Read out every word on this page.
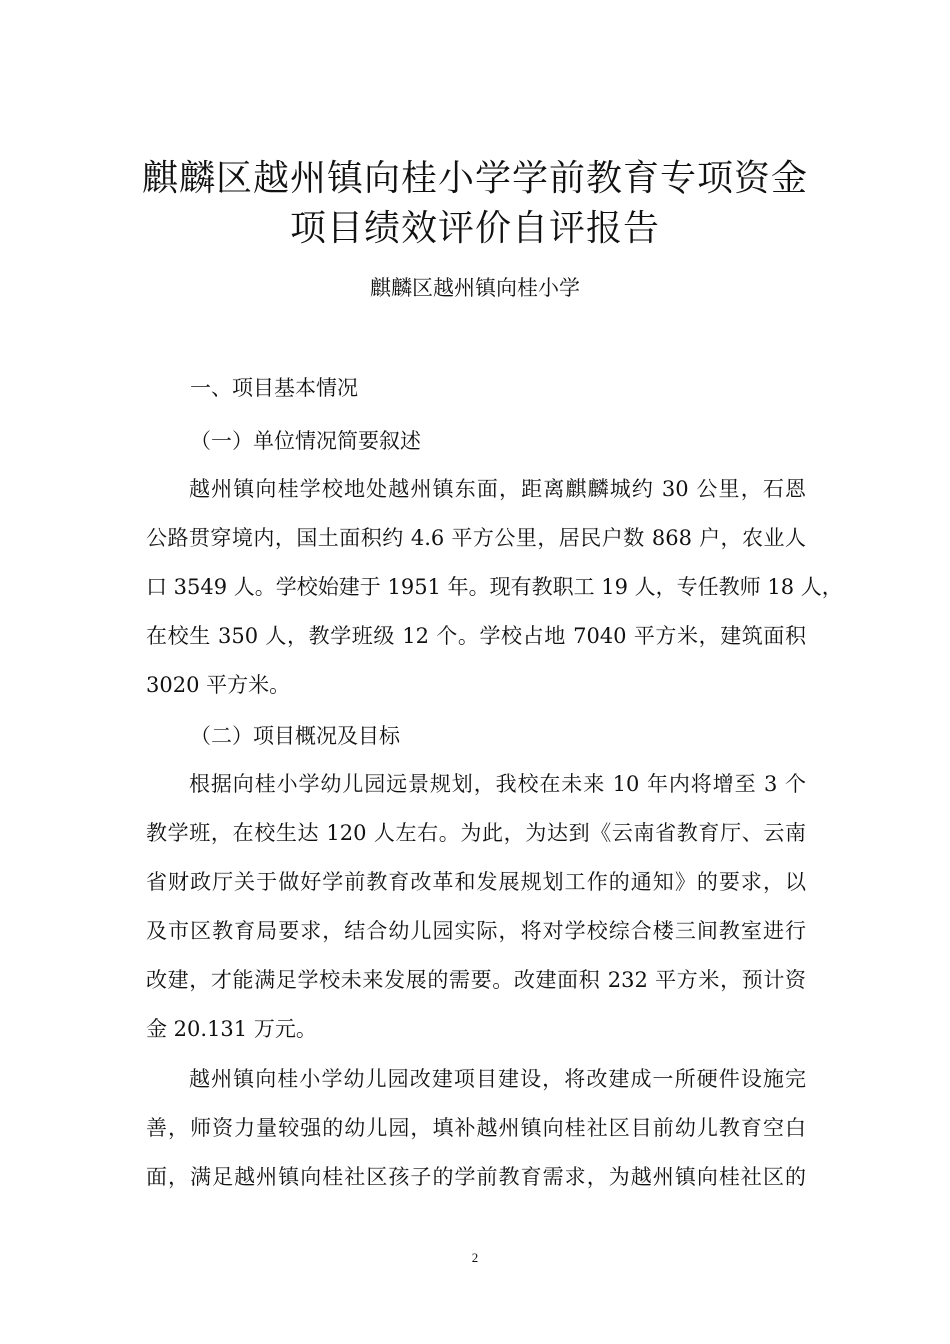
麒麟区越州镇向桂小学学前教育专项资金
项目绩效评价自评报告
麒麟区越州镇向桂小学
一、项目基本情况
（一）单位情况简要叙述
越州镇向桂学校地处越州镇东面，距离麒麟城约 30 公里，石恩
公路贯穿境内，国土面积约 4.6 平方公里，居民户数 868 户，农业人
口 3549 人。学校始建于 1951 年。现有教职工 19 人，专任教师 18 人，
在校生 350 人，教学班级 12 个。学校占地 7040 平方米，建筑面积
3020 平方米。
（二）项目概况及目标
根据向桂小学幼儿园远景规划，我校在未来 10 年内将增至 3 个
教学班，在校生达 120 人左右。为此，为达到《云南省教育厅、云南
省财政厅关于做好学前教育改革和发展规划工作的通知》的要求，以
及市区教育局要求，结合幼儿园实际，将对学校综合楼三间教室进行
改建，才能满足学校未来发展的需要。改建面积 232 平方米，预计资
金 20.131 万元。
越州镇向桂小学幼儿园改建项目建设，将改建成一所硬件设施完
善，师资力量较强的幼儿园，填补越州镇向桂社区目前幼儿教育空白
面，满足越州镇向桂社区孩子的学前教育需求，为越州镇向桂社区的
2
